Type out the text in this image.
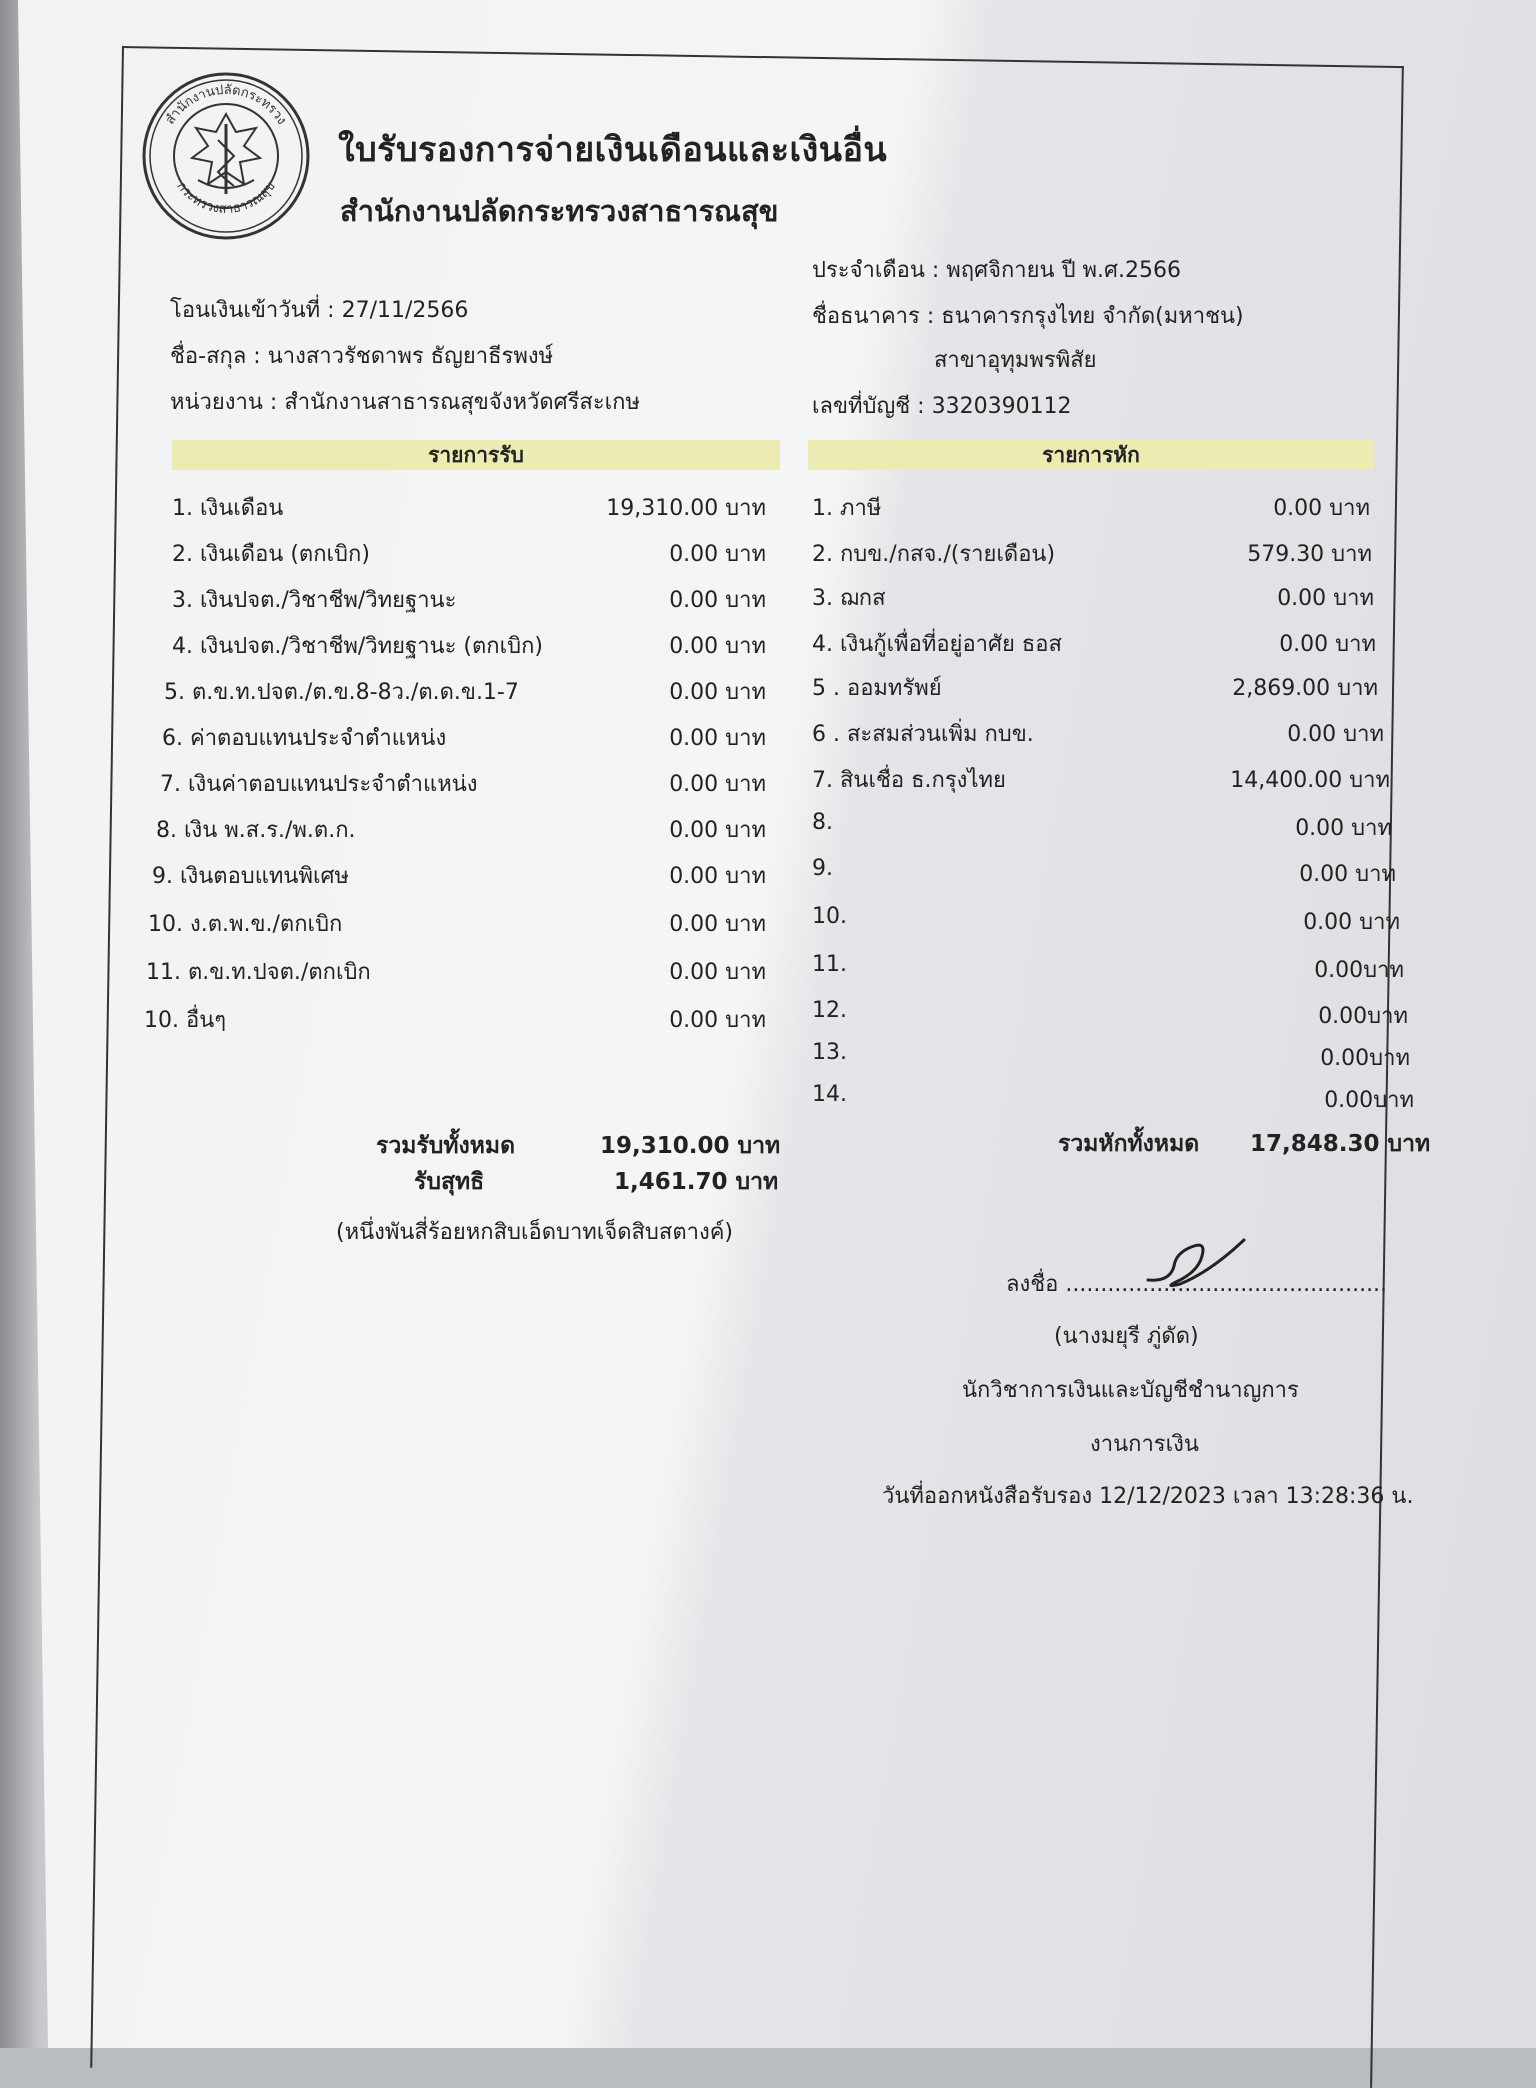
สำนักงานปลัดกระทรวง
กระทรวงสาธารณสุข
ใบรับรองการจ่ายเงินเดือนและเงินอื่น
สำนักงานปลัดกระทรวงสาธารณสุข
โอนเงินเข้าวันที่ : 27/11/2566
ชื่อ-สกุล : นางสาวรัชดาพร ธัญยาธีรพงษ์
หน่วยงาน : สำนักงานสาธารณสุขจังหวัดศรีสะเกษ
ประจำเดือน : พฤศจิกายน ปี พ.ศ.2566
ชื่อธนาคาร : ธนาคารกรุงไทย จำกัด(มหาชน)
สาขาอุทุมพรพิสัย
เลขที่บัญชี : 3320390112
รายการรับ	รายการหัก
1. เงินเดือน	19,310.00 บาท
2. เงินเดือน (ตกเบิก)	0.00 บาท
3. เงินปจต./วิชาชีพ/วิทยฐานะ	0.00 บาท
4. เงินปจต./วิชาชีพ/วิทยฐานะ (ตกเบิก)	0.00 บาท
5. ต.ข.ท.ปจต./ต.ข.8-8ว./ต.ด.ข.1-7	0.00 บาท
6. ค่าตอบแทนประจำตำแหน่ง	0.00 บาท
7. เงินค่าตอบแทนประจำตำแหน่ง	0.00 บาท
8. เงิน พ.ส.ร./พ.ต.ก.	0.00 บาท
9. เงินตอบแทนพิเศษ	0.00 บาท
10. ง.ต.พ.ข./ตกเบิก	0.00 บาท
11. ต.ข.ท.ปจต./ตกเบิก	0.00 บาท
10. อื่นๆ	0.00 บาท
1. ภาษี	0.00 บาท
2. กบข./กสจ./(รายเดือน)	579.30 บาท
3. ฌกส	0.00 บาท
4. เงินกู้เพื่อที่อยู่อาศัย ธอส	0.00 บาท
5 . ออมทรัพย์	2,869.00 บาท
6 . สะสมส่วนเพิ่ม กบข.	0.00 บาท
7. สินเชื่อ ธ.กรุงไทย	14,400.00 บาท
8.	0.00 บาท
9.	0.00 บาท
10.	0.00 บาท
11.	0.00บาท
12.	0.00บาท
13.	0.00บาท
14.	0.00บาท
รวมรับทั้งหมด	19,310.00 บาท
รับสุทธิ	1,461.70 บาท
(หนึ่งพันสี่ร้อยหกสิบเอ็ดบาทเจ็ดสิบสตางค์)
รวมหักทั้งหมด 17,848.30 บาท
ลงชื่อ ..............................................
(นางมยุรี ภู่ดัด)
นักวิชาการเงินและบัญชีชำนาญการ
งานการเงิน
วันที่ออกหนังสือรับรอง 12/12/2023 เวลา 13:28:36 น.
